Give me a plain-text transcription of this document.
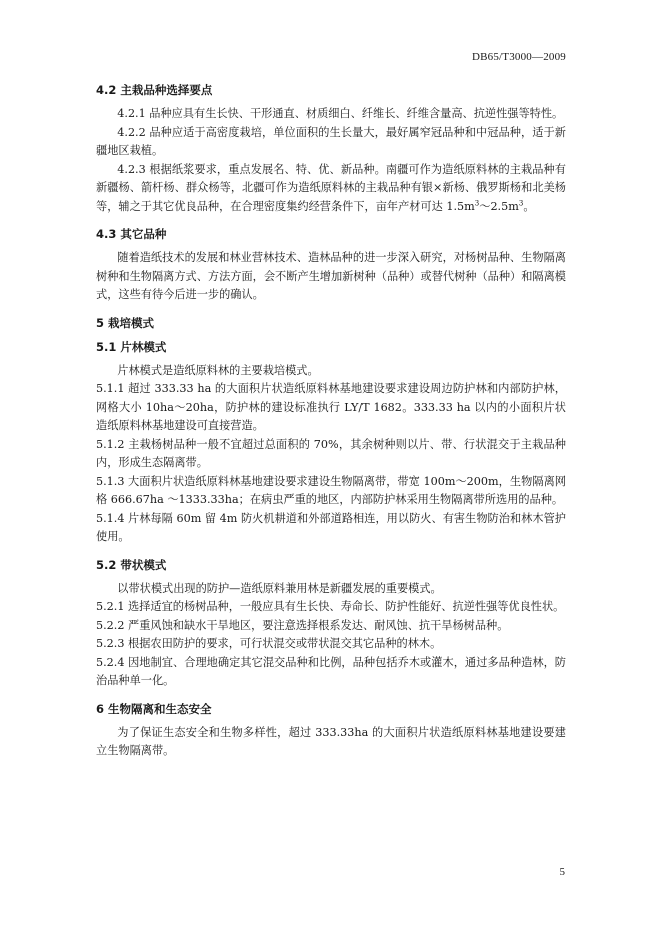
DB65/T3000—2009
4.2 主栽品种选择要点

4.2.1 品种应具有生长快、干形通直、材质细白、纤维长、纤维含量高、抗逆性强等特性。

4.2.2 品种应适于高密度栽培，单位面积的生长量大，最好属窄冠品种和中冠品种，适于新疆地区栽植。

4.2.3 根据纸浆要求，重点发展名、特、优、新品种。南疆可作为造纸原料林的主栽品种有新疆杨、箭杆杨、群众杨等，北疆可作为造纸原料林的主栽品种有银×新杨、俄罗斯杨和北美杨等，辅之于其它优良品种，在合理密度集约经营条件下，亩年产材可达 $1.5m^3\sim 2.5m^3$。

4.3 其它品种

随着造纸技术的发展和林业营林技术、造林品种的进一步深入研究，对杨树品种、生物隔离树种和生物隔离方式、方法方面，会不断产生增加新树种（品种）或替代树种（品种）和隔离模式，这些有待今后进一步的确认。

5 栽培模式
5.1 片林模式

片林模式是造纸原料林的主要栽培模式。

5.1.1 超过 333.33 ha 的大面积片状造纸原料林基地建设要求建设周边防护林和内部防护林，网格大小 10ha～20ha，防护林的建设标准执行 LY/T 1682。333.33 ha 以内的小面积片状造纸原料林基地建设可直接营造。

5.1.2 主栽杨树品种一般不宜超过总面积的 70%，其余树种则以片、带、行状混交于主栽品种内，形成生态隔离带。

5.1.3 大面积片状造纸原料林基地建设要求建设生物隔离带，带宽 100m～200m，生物隔离网格 666.67ha ～1333.33ha；在病虫严重的地区，内部防护林采用生物隔离带所选用的品种。

5.1.4 片林每隔 60m 留 4m 防火机耕道和外部道路相连，用以防火、有害生物防治和林木管护使用。

5.2 带状模式

以带状模式出现的防护—造纸原料兼用林是新疆发展的重要模式。

5.2.1 选择适宜的杨树品种，一般应具有生长快、寿命长、防护性能好、抗逆性强等优良性状。

5.2.2 严重风蚀和缺水干旱地区，要注意选择根系发达、耐风蚀、抗干旱杨树品种。

5.2.3 根据农田防护的要求，可行状混交或带状混交其它品种的林木。

5.2.4 因地制宜、合理地确定其它混交品种和比例，品种包括乔木或灌木，通过多品种造林，防治品种单一化。

6 生物隔离和生态安全

为了保证生态安全和生物多样性，超过 333.33ha 的大面积片状造纸原料林基地建设要建立生物隔离带。

5
